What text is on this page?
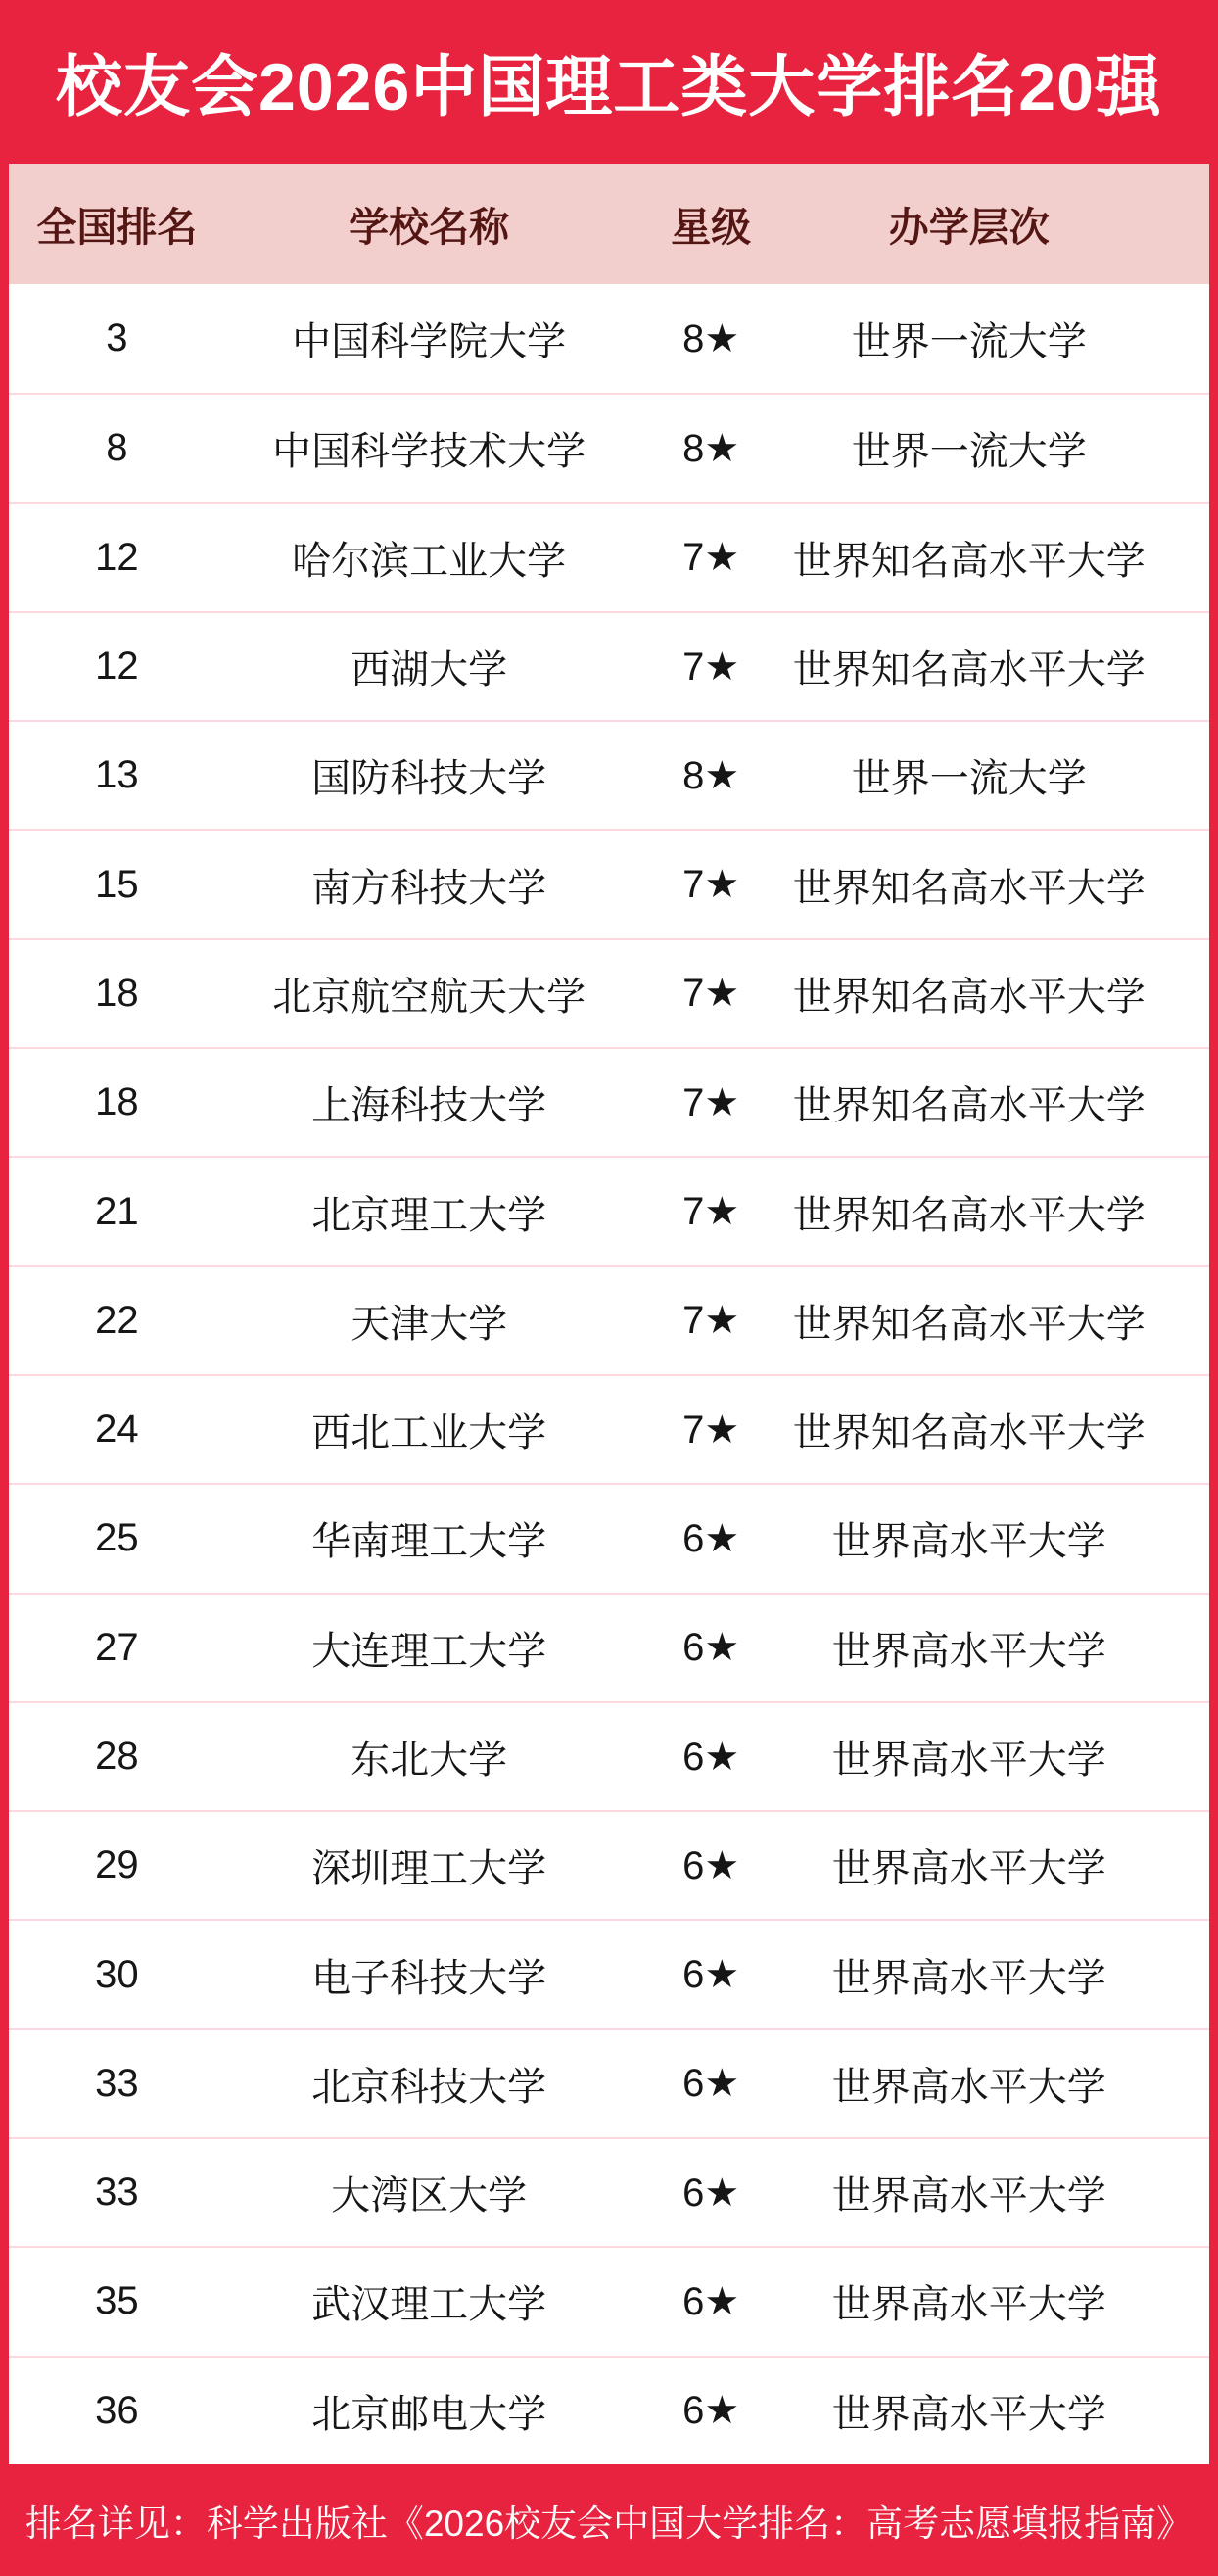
校友会2026中国理工类大学排名20强
全国排名	学校名称	星级	办学层次
3	中国科学院大学	8★	世界一流大学
8	中国科学技术大学	8★	世界一流大学
12	哈尔滨工业大学	7★	世界知名高水平大学
12	西湖大学	7★	世界知名高水平大学
13	国防科技大学	8★	世界一流大学
15	南方科技大学	7★	世界知名高水平大学
18	北京航空航天大学	7★	世界知名高水平大学
18	上海科技大学	7★	世界知名高水平大学
21	北京理工大学	7★	世界知名高水平大学
22	天津大学	7★	世界知名高水平大学
24	西北工业大学	7★	世界知名高水平大学
25	华南理工大学	6★	世界高水平大学
27	大连理工大学	6★	世界高水平大学
28	东北大学	6★	世界高水平大学
29	深圳理工大学	6★	世界高水平大学
30	电子科技大学	6★	世界高水平大学
33	北京科技大学	6★	世界高水平大学
33	大湾区大学	6★	世界高水平大学
35	武汉理工大学	6★	世界高水平大学
36	北京邮电大学	6★	世界高水平大学

排名详见：科学出版社《2026校友会中国大学排名：高考志愿填报指南》
